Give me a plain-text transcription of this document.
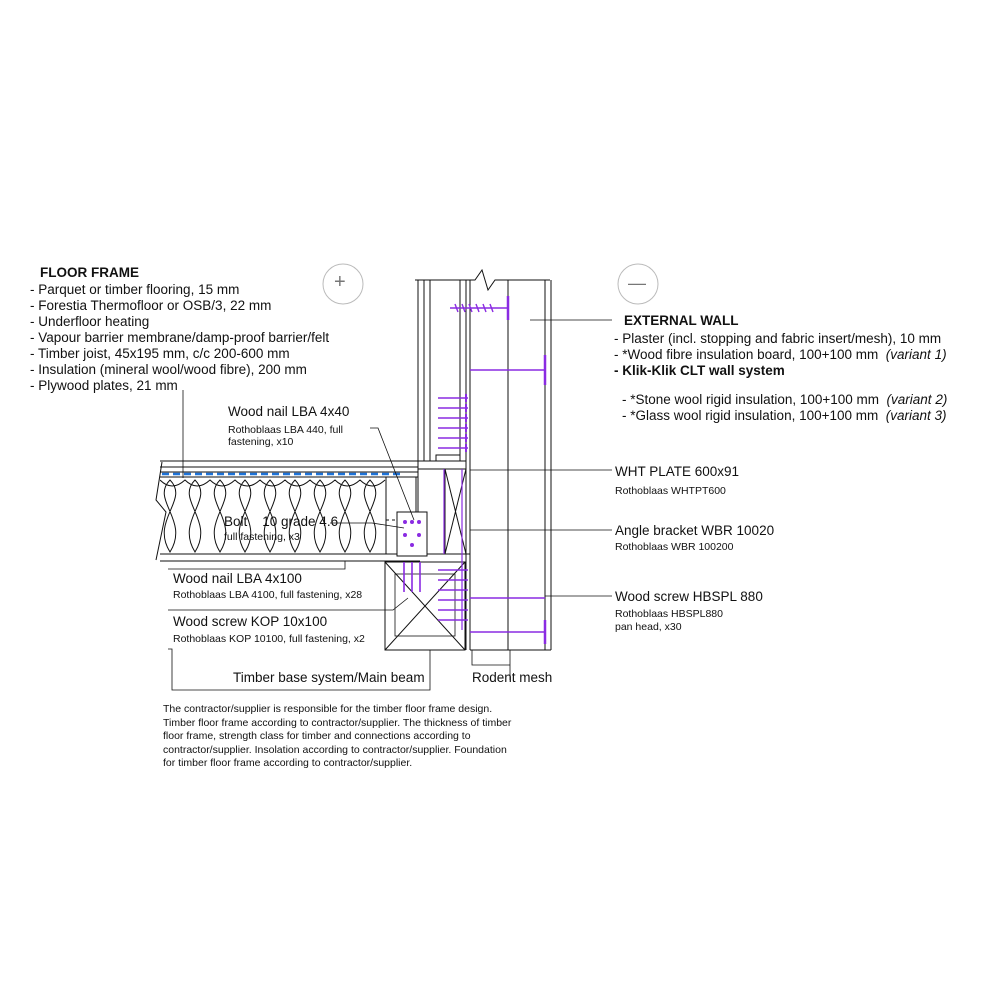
FLOOR FRAME
- Parquet or timber flooring, 15 mm
- Forestia Thermofloor or OSB/3, 22 mm
- Underfloor heating
- Vapour barrier membrane/damp-proof barrier/felt
- Timber joist, 45x195 mm, c/c 200-600 mm
- Insulation (mineral wool/wood fibre), 200 mm
- Plywood plates, 21 mm
+	—
EXTERNAL WALL
- Plaster (incl. stopping and fabric insert/mesh), 10 mm
- *Wood fibre insulation board, 100+100 mm (variant 1)
- Klik-Klik CLT wall system
- *Stone wool rigid insulation, 100+100 mm (variant 2)
- *Glass wool rigid insulation, 100+100 mm (variant 3)
Wood nail LBA 4x40
Rothoblaas LBA 440, full
fastening, x10
Bolt    10 grade 4.6
full fastening, x3
Wood nail LBA 4x100
Rothoblaas LBA 4100, full fastening, x28
Wood screw KOP 10x100
Rothoblaas KOP 10100, full fastening, x2
Timber base system/Main beam	Rodent mesh
WHT PLATE 600x91
Rothoblaas WHTPT600
Angle bracket WBR 10020
Rothoblaas WBR 100200
Wood screw HBSPL 880
Rothoblaas HBSPL880
pan head, x30
The contractor/supplier is responsible for the timber floor frame design.
Timber floor frame according to contractor/supplier. The thickness of timber
floor frame, strength class for timber and connections according to
contractor/supplier. Insolation according to contractor/supplier. Foundation
for timber floor frame according to contractor/supplier.
